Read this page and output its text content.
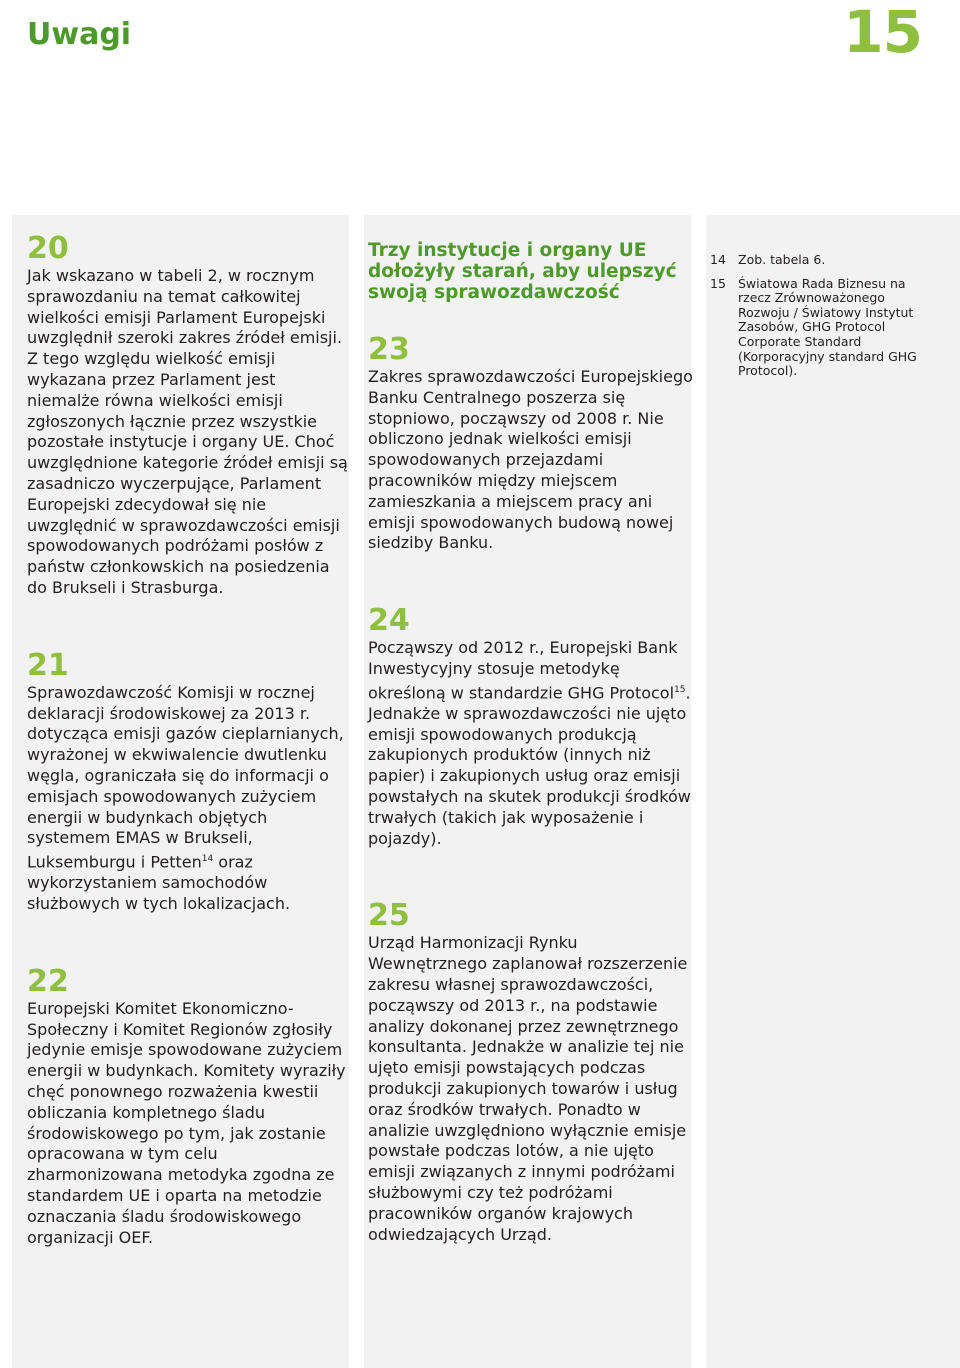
Uwagi	15

20

Jak wskazano w tabeli 2, w rocznym sprawozdaniu na temat całkowitej wielkości emisji Parlament Europejski uwzględnił szeroki zakres źródeł emisji. Z tego względu wielkość emisji wykazana przez Parlament jest niemalże równa wielkości emisji zgłoszonych łącznie przez wszystkie pozostałe instytucje i organy UE. Choć uwzględnione kategorie źródeł emisji są zasadniczo wyczerpujące, Parlament Europejski zdecydował się nie uwzględnić w sprawozdawczości emisji spowodowanych podróżami posłów z państw członkowskich na posiedzenia do Brukseli i Strasburga.

21

Sprawozdawczość Komisji w rocznej deklaracji środowiskowej za 2013 r. dotycząca emisji gazów cieplarnianych, wyrażonej w ekwiwalencie dwutlenku węgla, ograniczała się do informacji o emisjach spowodowanych zużyciem energii w budynkach objętych systemem EMAS w Brukseli, Luksemburgu i Petten$^{14}$ oraz wykorzystaniem samochodów służbowych w tych lokalizacjach.

22

Europejski Komitet Ekonomiczno-Społeczny i Komitet Regionów zgłosiły jedynie emisje spowodowane zużyciem energii w budynkach. Komitety wyraziły chęć ponownego rozważenia kwestii obliczania kompletnego śladu środowiskowego po tym, jak zostanie opracowana w tym celu zharmonizowana metodyka zgodna ze standardem UE i oparta na metodzie oznaczania śladu środowiskowego organizacji OEF.

Trzy instytucje i organy UE dołożyły starań, aby ulepszyć swoją sprawozdawczość

23

Zakres sprawozdawczości Europejskiego Banku Centralnego poszerza się stopniowo, począwszy od 2008 r. Nie obliczono jednak wielkości emisji spowodowanych przejazdami pracowników między miejscem zamieszkania a miejscem pracy ani emisji spowodowanych budową nowej siedziby Banku.

24

Począwszy od 2012 r., Europejski Bank Inwestycyjny stosuje metodykę określoną w standardzie GHG Protocol$^{15}$. Jednakże w sprawozdawczości nie ujęto emisji spowodowanych produkcją zakupionych produktów (innych niż papier) i zakupionych usług oraz emisji powstałych na skutek produkcji środków trwałych (takich jak wyposażenie i pojazdy).

25

Urząd Harmonizacji Rynku Wewnętrznego zaplanował rozszerzenie zakresu własnej sprawozdawczości, począwszy od 2013 r., na podstawie analizy dokonanej przez zewnętrznego konsultanta. Jednakże w analizie tej nie ujęto emisji powstających podczas produkcji zakupionych towarów i usług oraz środków trwałych. Ponadto w analizie uwzględniono wyłącznie emisje powstałe podczas lotów, a nie ujęto emisji związanych z innymi podróżami służbowymi czy też podróżami pracowników organów krajowych odwiedzających Urząd.

14 Zob. tabela 6.
15 Światowa Rada Biznesu na rzecz Zrównoważonego Rozwoju / Światowy Instytut Zasobów, GHG Protocol Corporate Standard (Korporacyjny standard GHG Protocol).
